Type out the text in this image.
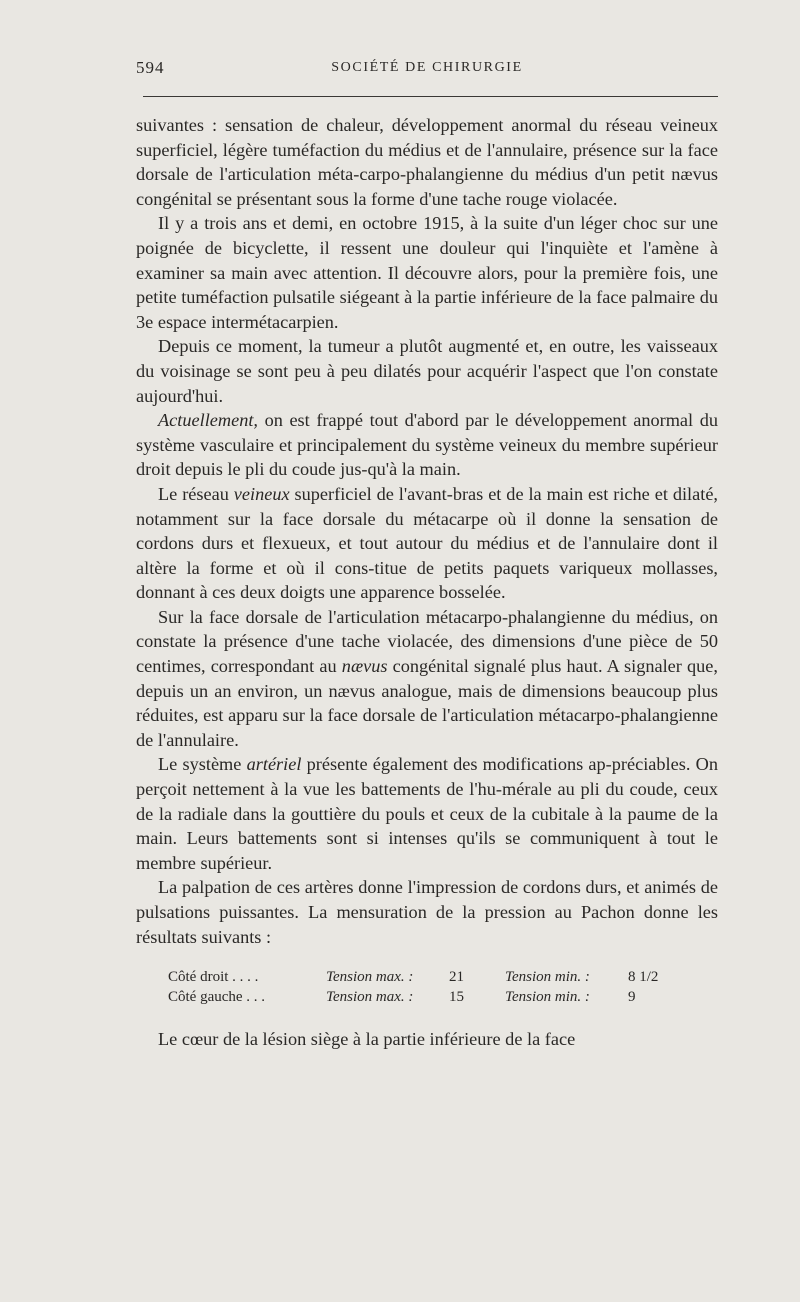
594	SOCIÉTÉ DE CHIRURGIE

suivantes : sensation de chaleur, développement anormal du réseau veineux superficiel, légère tuméfaction du médius et de l'annulaire, présence sur la face dorsale de l'articulation méta-carpo-phalangienne du médius d'un petit nævus congénital se présentant sous la forme d'une tache rouge violacée.

Il y a trois ans et demi, en octobre 1915, à la suite d'un léger choc sur une poignée de bicyclette, il ressent une douleur qui l'inquiète et l'amène à examiner sa main avec attention. Il découvre alors, pour la première fois, une petite tuméfaction pulsatile siégeant à la partie inférieure de la face palmaire du 3e espace intermétacarpien.

Depuis ce moment, la tumeur a plutôt augmenté et, en outre, les vaisseaux du voisinage se sont peu à peu dilatés pour acquérir l'aspect que l'on constate aujourd'hui.

Actuellement, on est frappé tout d'abord par le développement anormal du système vasculaire et principalement du système veineux du membre supérieur droit depuis le pli du coude jus-qu'à la main.

Le réseau veineux superficiel de l'avant-bras et de la main est riche et dilaté, notamment sur la face dorsale du métacarpe où il donne la sensation de cordons durs et flexueux, et tout autour du médius et de l'annulaire dont il altère la forme et où il cons-titue de petits paquets variqueux mollasses, donnant à ces deux doigts une apparence bosselée.

Sur la face dorsale de l'articulation métacarpo-phalangienne du médius, on constate la présence d'une tache violacée, des dimensions d'une pièce de 50 centimes, correspondant au nævus congénital signalé plus haut. A signaler que, depuis un an environ, un nævus analogue, mais de dimensions beaucoup plus réduites, est apparu sur la face dorsale de l'articulation métacarpo-phalangienne de l'annulaire.

Le système artériel présente également des modifications ap-préciables. On perçoit nettement à la vue les battements de l'hu-mérale au pli du coude, ceux de la radiale dans la gouttière du pouls et ceux de la cubitale à la paume de la main. Leurs battements sont si intenses qu'ils se communiquent à tout le membre supérieur.

La palpation de ces artères donne l'impression de cordons durs, et animés de pulsations puissantes. La mensuration de la pression au Pachon donne les résultats suivants :

Côté droit . . . .	Tension max. :	21	Tension min. :	8 1/2
Côté gauche . . .	Tension max. :	15	Tension min. :	9

Le cœur de la lésion siège à la partie inférieure de la face
